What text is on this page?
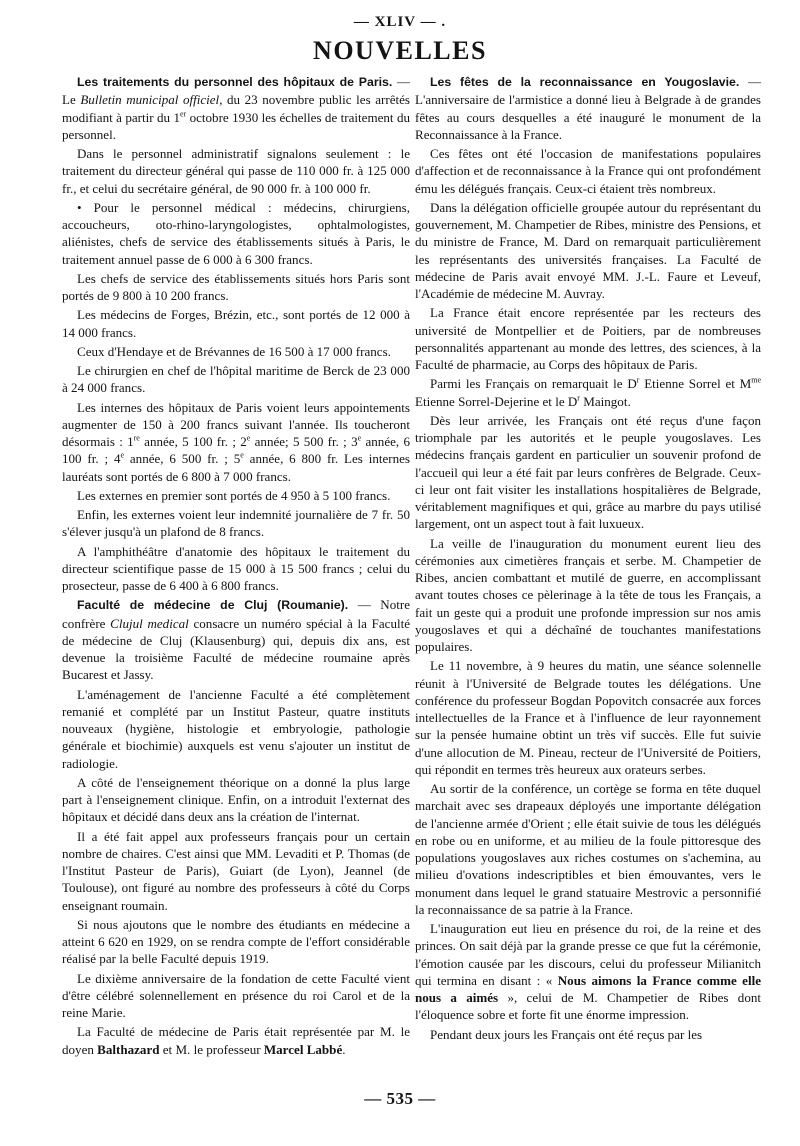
— XLIV — .
NOUVELLES

Les traitements du personnel des hôpitaux de Paris. — Le Bulletin municipal officiel, du 23 novembre public les arrêtés modifiant à partir du 1er octobre 1930 les échelles de traitement du personnel.

Dans le personnel administratif signalons seulement : le traitement du directeur général qui passe de 110 000 fr. à 125 000 fr., et celui du secrétaire général, de 90 000 fr. à 100 000 fr.

• Pour le personnel médical : médecins, chirurgiens, accoucheurs, oto-rhino-laryngologistes, ophtalmologistes, aliénistes, chefs de service des établissements situés à Paris, le traitement annuel passe de 6 000 à 6 300 francs.

Les chefs de service des établissements situés hors Paris sont portés de 9 800 à 10 200 francs.

Les médecins de Forges, Brézin, etc., sont portés de 12 000 à 14 000 francs.

Ceux d'Hendaye et de Brévannes de 16 500 à 17 000 francs.

Le chirurgien en chef de l'hôpital maritime de Berck de 23 000 à 24 000 francs.

Les internes des hôpitaux de Paris voient leurs appointements augmenter de 150 à 200 francs suivant l'année. Ils toucheront désormais : 1re année, 5 100 fr. ; 2e année; 5 500 fr. ; 3e année, 6 100 fr. ; 4e année, 6 500 fr. ; 5e année, 6 800 fr. Les internes lauréats sont portés de 6 800 à 7 000 francs.

Les externes en premier sont portés de 4 950 à 5 100 francs.

Enfin, les externes voient leur indemnité journalière de 7 fr. 50 s'élever jusqu'à un plafond de 8 francs.

A l'amphithéâtre d'anatomie des hôpitaux le traitement du directeur scientifique passe de 15 000 à 15 500 francs ; celui du prosecteur, passe de 6 400 à 6 800 francs.

Faculté de médecine de Cluj (Roumanie). — Notre confrère Clujul medical consacre un numéro spécial à la Faculté de médecine de Cluj (Klausenburg) qui, depuis dix ans, est devenue la troisième Faculté de médecine roumaine après Bucarest et Jassy.

L'aménagement de l'ancienne Faculté a été complètement remanié et complété par un Institut Pasteur, quatre instituts nouveaux (hygiène, histologie et embryologie, pathologie générale et biochimie) auxquels est venu s'ajouter un institut de radiologie.

A côté de l'enseignement théorique on a donné la plus large part à l'enseignement clinique. Enfin, on a introduit l'externat des hôpitaux et décidé dans deux ans la création de l'internat.

Il a été fait appel aux professeurs français pour un certain nombre de chaires. C'est ainsi que MM. Levaditi et P. Thomas (de l'Institut Pasteur de Paris), Guiart (de Lyon), Jeannel (de Toulouse), ont figuré au nombre des professeurs à côté du Corps enseignant roumain.

Si nous ajoutons que le nombre des étudiants en médecine a atteint 6 620 en 1929, on se rendra compte de l'effort considérable réalisé par la belle Faculté depuis 1919.

Le dixième anniversaire de la fondation de cette Faculté vient d'être célébré solennellement en présence du roi Carol et de la reine Marie.

La Faculté de médecine de Paris était représentée par M. le doyen Balthazard et M. le professeur Marcel Labbé.

Les fêtes de la reconnaissance en Yougoslavie. — L'anniversaire de l'armistice a donné lieu à Belgrade à de grandes fêtes au cours desquelles a été inauguré le monument de la Reconnaissance à la France.

Ces fêtes ont été l'occasion de manifestations populaires d'affection et de reconnaissance à la France qui ont profondément ému les délégués français. Ceux-ci étaient très nombreux.

Dans la délégation officielle groupée autour du représentant du gouvernement, M. Champetier de Ribes, ministre des Pensions, et du ministre de France, M. Dard on remarquait particulièrement les représentants des universités françaises. La Faculté de médecine de Paris avait envoyé MM. J.-L. Faure et Leveuf, l'Académie de médecine M. Auvray.

La France était encore représentée par les recteurs des université de Montpellier et de Poitiers, par de nombreuses personnalités appartenant au monde des lettres, des sciences, à la Faculté de pharmacie, au Corps des hôpitaux de Paris.

Parmi les Français on remarquait le $D^r$ Etienne Sorrel et $M^{me}$ Etienne Sorrel-Dejerine et le $D^r$ Maingot.

Dès leur arrivée, les Français ont été reçus d'une façon triomphale par les autorités et le peuple yougoslaves. Les médecins français gardent en particulier un souvenir profond de l'accueil qui leur a été fait par leurs confrères de Belgrade. Ceux-ci leur ont fait visiter les installations hospitalières de Belgrade, véritablement magnifiques et qui, grâce au marbre du pays utilisé largement, ont un aspect tout à fait luxueux.

La veille de l'inauguration du monument eurent lieu des cérémonies aux cimetières français et serbe. M. Champetier de Ribes, ancien combattant et mutilé de guerre, en accomplissant avant toutes choses ce pèlerinage à la tête de tous les Français, a fait un geste qui a produit une profonde impression sur nos amis yougoslaves et qui a déchaîné de touchantes manifestations populaires.

Le 11 novembre, à 9 heures du matin, une séance solennelle réunit à l'Université de Belgrade toutes les délégations. Une conférence du professeur Bogdan Popovitch consacrée aux forces intellectuelles de la France et à l'influence de leur rayonnement sur la pensée humaine obtint un très vif succès. Elle fut suivie d'une allocution de M. Pineau, recteur de l'Université de Poitiers, qui répondit en termes très heureux aux orateurs serbes.

Au sortir de la conférence, un cortège se forma en tête duquel marchait avec ses drapeaux déployés une importante délégation de l'ancienne armée d'Orient ; elle était suivie de tous les délégués en robe ou en uniforme, et au milieu de la foule pittoresque des populations yougoslaves aux riches costumes on s'achemina, au milieu d'ovations indescriptibles et bien émouvantes, vers le monument dans lequel le grand statuaire Mestrovic a personnifié la reconnaissance de sa patrie à la France.

L'inauguration eut lieu en présence du roi, de la reine et des princes. On sait déjà par la grande presse ce que fut la cérémonie, l'émotion causée par les discours, celui du professeur Milianitch qui termina en disant : « Nous aimons la France comme elle nous a aimés », celui de M. Champetier de Ribes dont l'éloquence sobre et forte fit une énorme impression.

Pendant deux jours les Français ont été reçus par les

— 535 —
